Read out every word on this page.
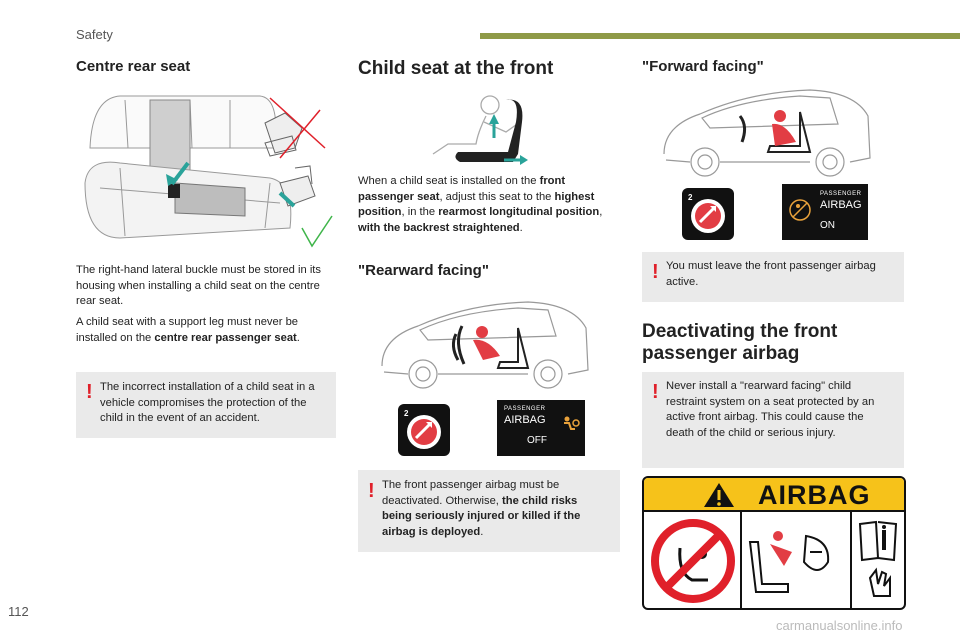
Safety
Centre rear seat
The right-hand lateral buckle must be stored in its housing when installing a child seat on the centre rear seat.
A child seat with a support leg must never be installed on the centre rear passenger seat.
! The incorrect installation of a child seat in a vehicle compromises the protection of the child in the event of an accident.
Child seat at the front
When a child seat is installed on the front passenger seat, adjust this seat to the highest position, in the rearmost longitudinal position, with the backrest straightened.
"Rearward facing"
2	PASSENGER
AIRBAG
OFF
! The front passenger airbag must be deactivated. Otherwise, the child risks being seriously injured or killed if the airbag is deployed.
"Forward facing"
2	PASSENGER
AIRBAG
ON
! You must leave the front passenger airbag active.
Deactivating the front
passenger airbag
! Never install a "rearward facing" child restraint system on a seat protected by an active front airbag. This could cause the death of the child or serious injury.
AIRBAG
112
carmanualsonline.info
